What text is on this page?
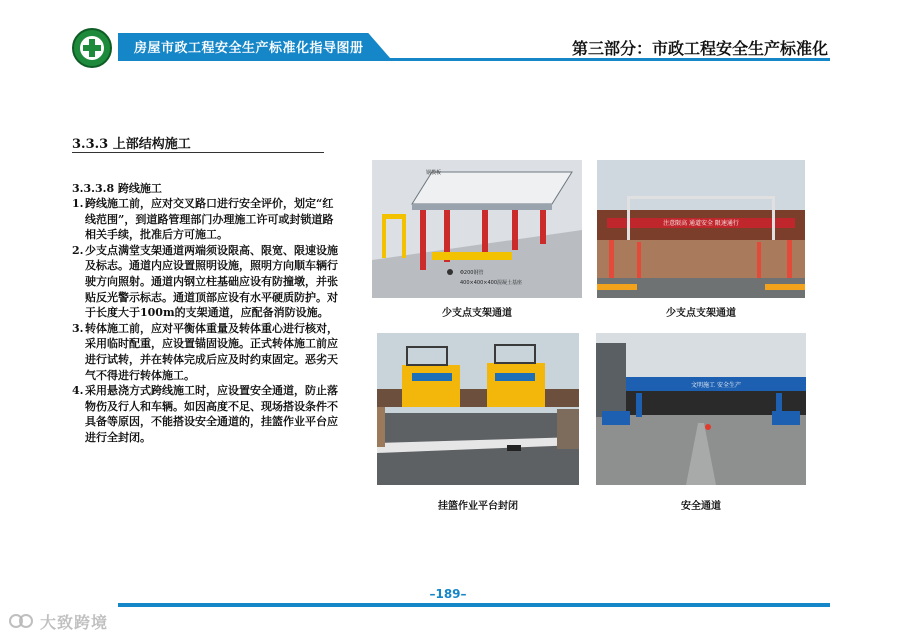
房屋市政工程安全生产标准化指导图册	第三部分：市政工程安全生产标准化
3.3.3 上部结构施工
3.3.3.8 跨线施工
1. 跨线施工前，应对交叉路口进行安全评价，划定“红线范围”，到道路管理部门办理施工许可或封锁道路相关手续，批准后方可施工。
2. 少支点满堂支架通道两端须设限高、限宽、限速设施及标志。通道内应设置照明设施，照明方向顺车辆行驶方向照射。通道内钢立柱基础应设有防撞墩，并张贴反光警示标志。通道顶部应设有水平硬质防护。对于长度大于100m的支架通道，应配备消防设施。
3. 转体施工前，应对平衡体重量及转体重心进行核对，采用临时配重，应设置锚固设施。正式转体施工前应进行试转，并在转体完成后应及时约束固定。恶劣天气不得进行转体施工。
4. 采用悬浇方式跨线施工时，应设置安全通道，防止落物伤及行人和车辆。如因高度不足、现场搭设条件不具备等原因，不能搭设安全通道的，挂篮作业平台应进行全封闭。
钢模板
Φ200钢管
400×400×400混凝土基座
少支点支架通道
注意限高 通道安全 限速通行
少支点支架通道
挂篮作业平台封闭
文明施工 安全生产
安全通道
–189–
大致跨境
